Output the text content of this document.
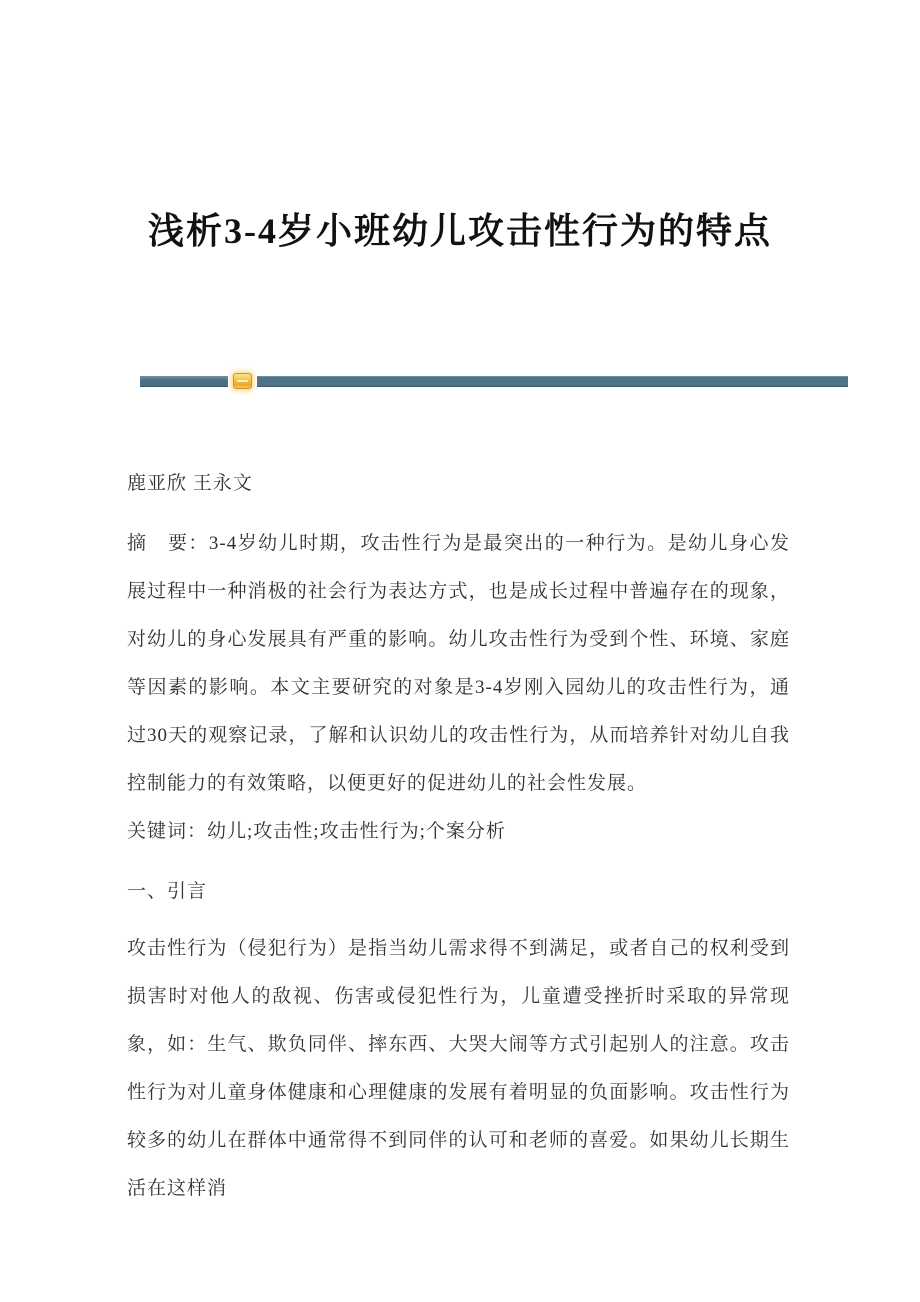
浅析3-4岁小班幼儿攻击性行为的特点

鹿亚欣 王永文

摘　要：3-4岁幼儿时期，攻击性行为是最突出的一种行为。是幼儿身心发展过程中一种消极的社会行为表达方式，也是成长过程中普遍存在的现象，对幼儿的身心发展具有严重的影响。幼儿攻击性行为受到个性、环境、家庭等因素的影响。本文主要研究的对象是3-4岁刚入园幼儿的攻击性行为，通过30天的观察记录，了解和认识幼儿的攻击性行为，从而培养针对幼儿自我控制能力的有效策略，以便更好的促进幼儿的社会性发展。

关键词：幼儿;攻击性;攻击性行为;个案分析

一、引言

攻击性行为（侵犯行为）是指当幼儿需求得不到满足，或者自己的权利受到损害时对他人的敌视、伤害或侵犯性行为，儿童遭受挫折时采取的异常现象，如：生气、欺负同伴、摔东西、大哭大闹等方式引起别人的注意。攻击性行为对儿童身体健康和心理健康的发展有着明显的负面影响。攻击性行为较多的幼儿在群体中通常得不到同伴的认可和老师的喜爱。如果幼儿长期生活在这样消
